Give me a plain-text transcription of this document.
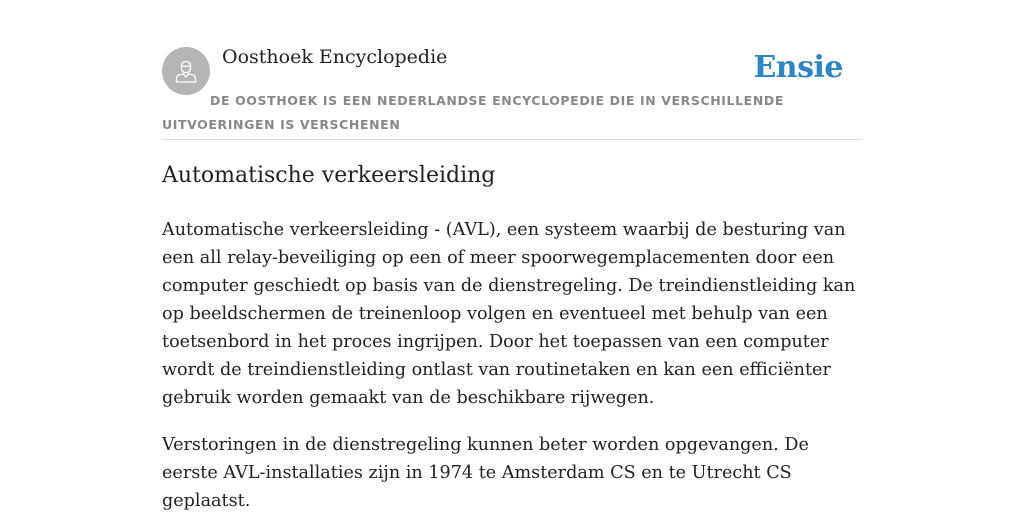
Oosthoek Encyclopedie	Ensie
DE OOSTHOEK IS EEN NEDERLANDSE ENCYCLOPEDIE DIE IN VERSCHILLENDE UITVOERINGEN IS VERSCHENEN
Automatische verkeersleiding

Automatische verkeersleiding - (AVL), een systeem waarbij de besturing van een all relay-beveiliging op een of meer spoorwegemplacementen door een computer geschiedt op basis van de dienstregeling. De treindienstleiding kan op beeldschermen de treinenloop volgen en eventueel met behulp van een toetsenbord in het proces ingrijpen. Door het toepassen van een computer wordt de treindienstleiding ontlast van routinetaken en kan een efficiënter gebruik worden gemaakt van de beschikbare rijwegen.

Verstoringen in de dienstregeling kunnen beter worden opgevangen. De eerste AVL-installaties zijn in 1974 te Amsterdam CS en te Utrecht CS geplaatst.
